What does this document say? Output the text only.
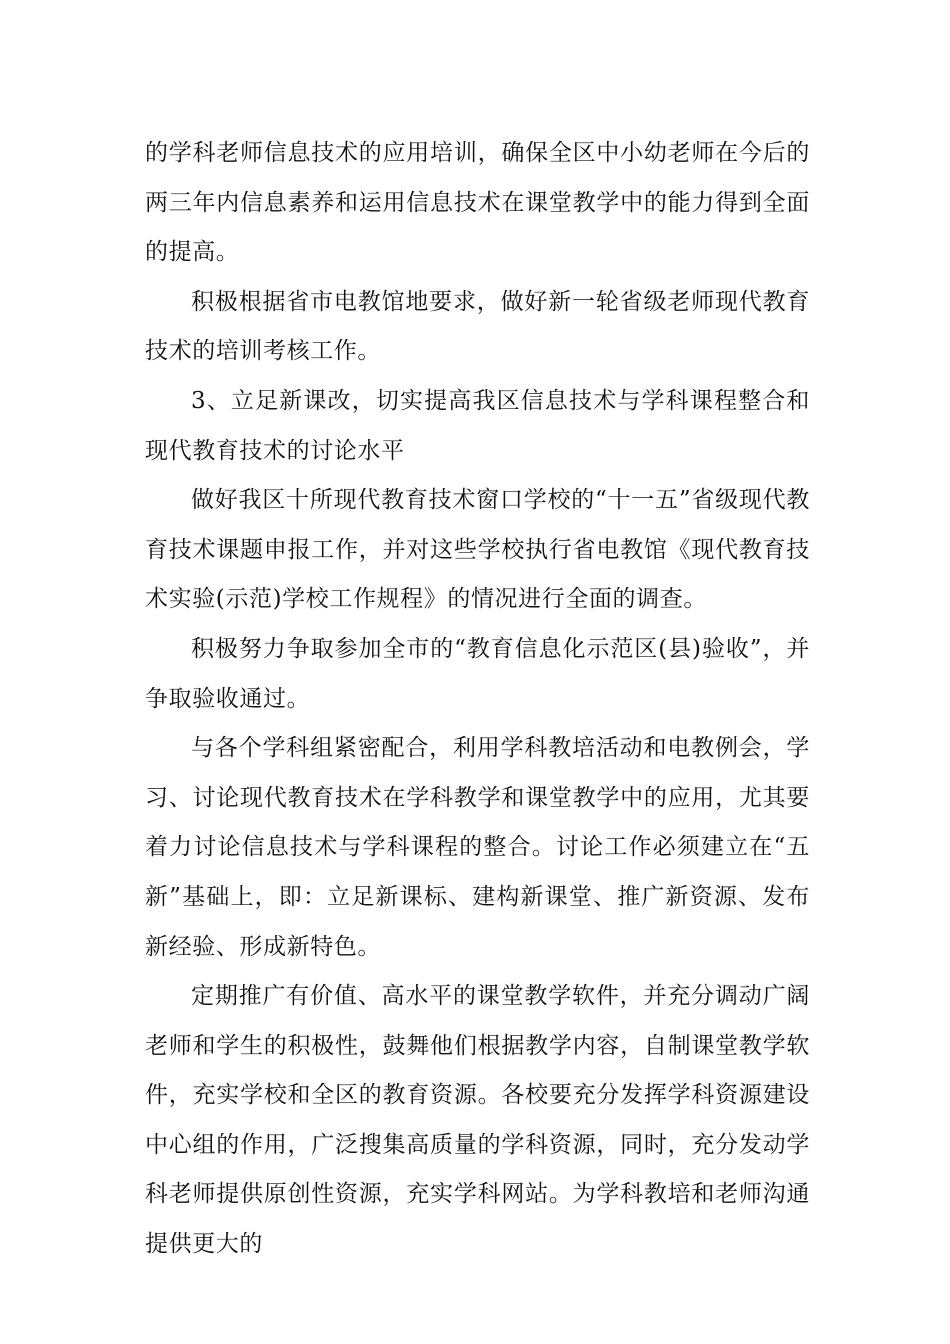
的学科老师信息技术的应用培训，确保全区中小幼老师在今后的两三年内信息素养和运用信息技术在课堂教学中的能力得到全面的提高。

积极根据省市电教馆地要求，做好新一轮省级老师现代教育技术的培训考核工作。

3、立足新课改，切实提高我区信息技术与学科课程整合和现代教育技术的讨论水平

做好我区十所现代教育技术窗口学校的“十一五”省级现代教育技术课题申报工作，并对这些学校执行省电教馆《现代教育技术实验(示范)学校工作规程》的情况进行全面的调查。

积极努力争取参加全市的“教育信息化示范区(县)验收”，并争取验收通过。

与各个学科组紧密配合，利用学科教培活动和电教例会，学习、讨论现代教育技术在学科教学和课堂教学中的应用，尤其要着力讨论信息技术与学科课程的整合。讨论工作必须建立在“五新”基础上，即：立足新课标、建构新课堂、推广新资源、发布新经验、形成新特色。

定期推广有价值、高水平的课堂教学软件，并充分调动广阔老师和学生的积极性，鼓舞他们根据教学内容，自制课堂教学软件，充实学校和全区的教育资源。各校要充分发挥学科资源建设中心组的作用，广泛搜集高质量的学科资源，同时，充分发动学科老师提供原创性资源，充实学科网站。为学科教培和老师沟通提供更大的
